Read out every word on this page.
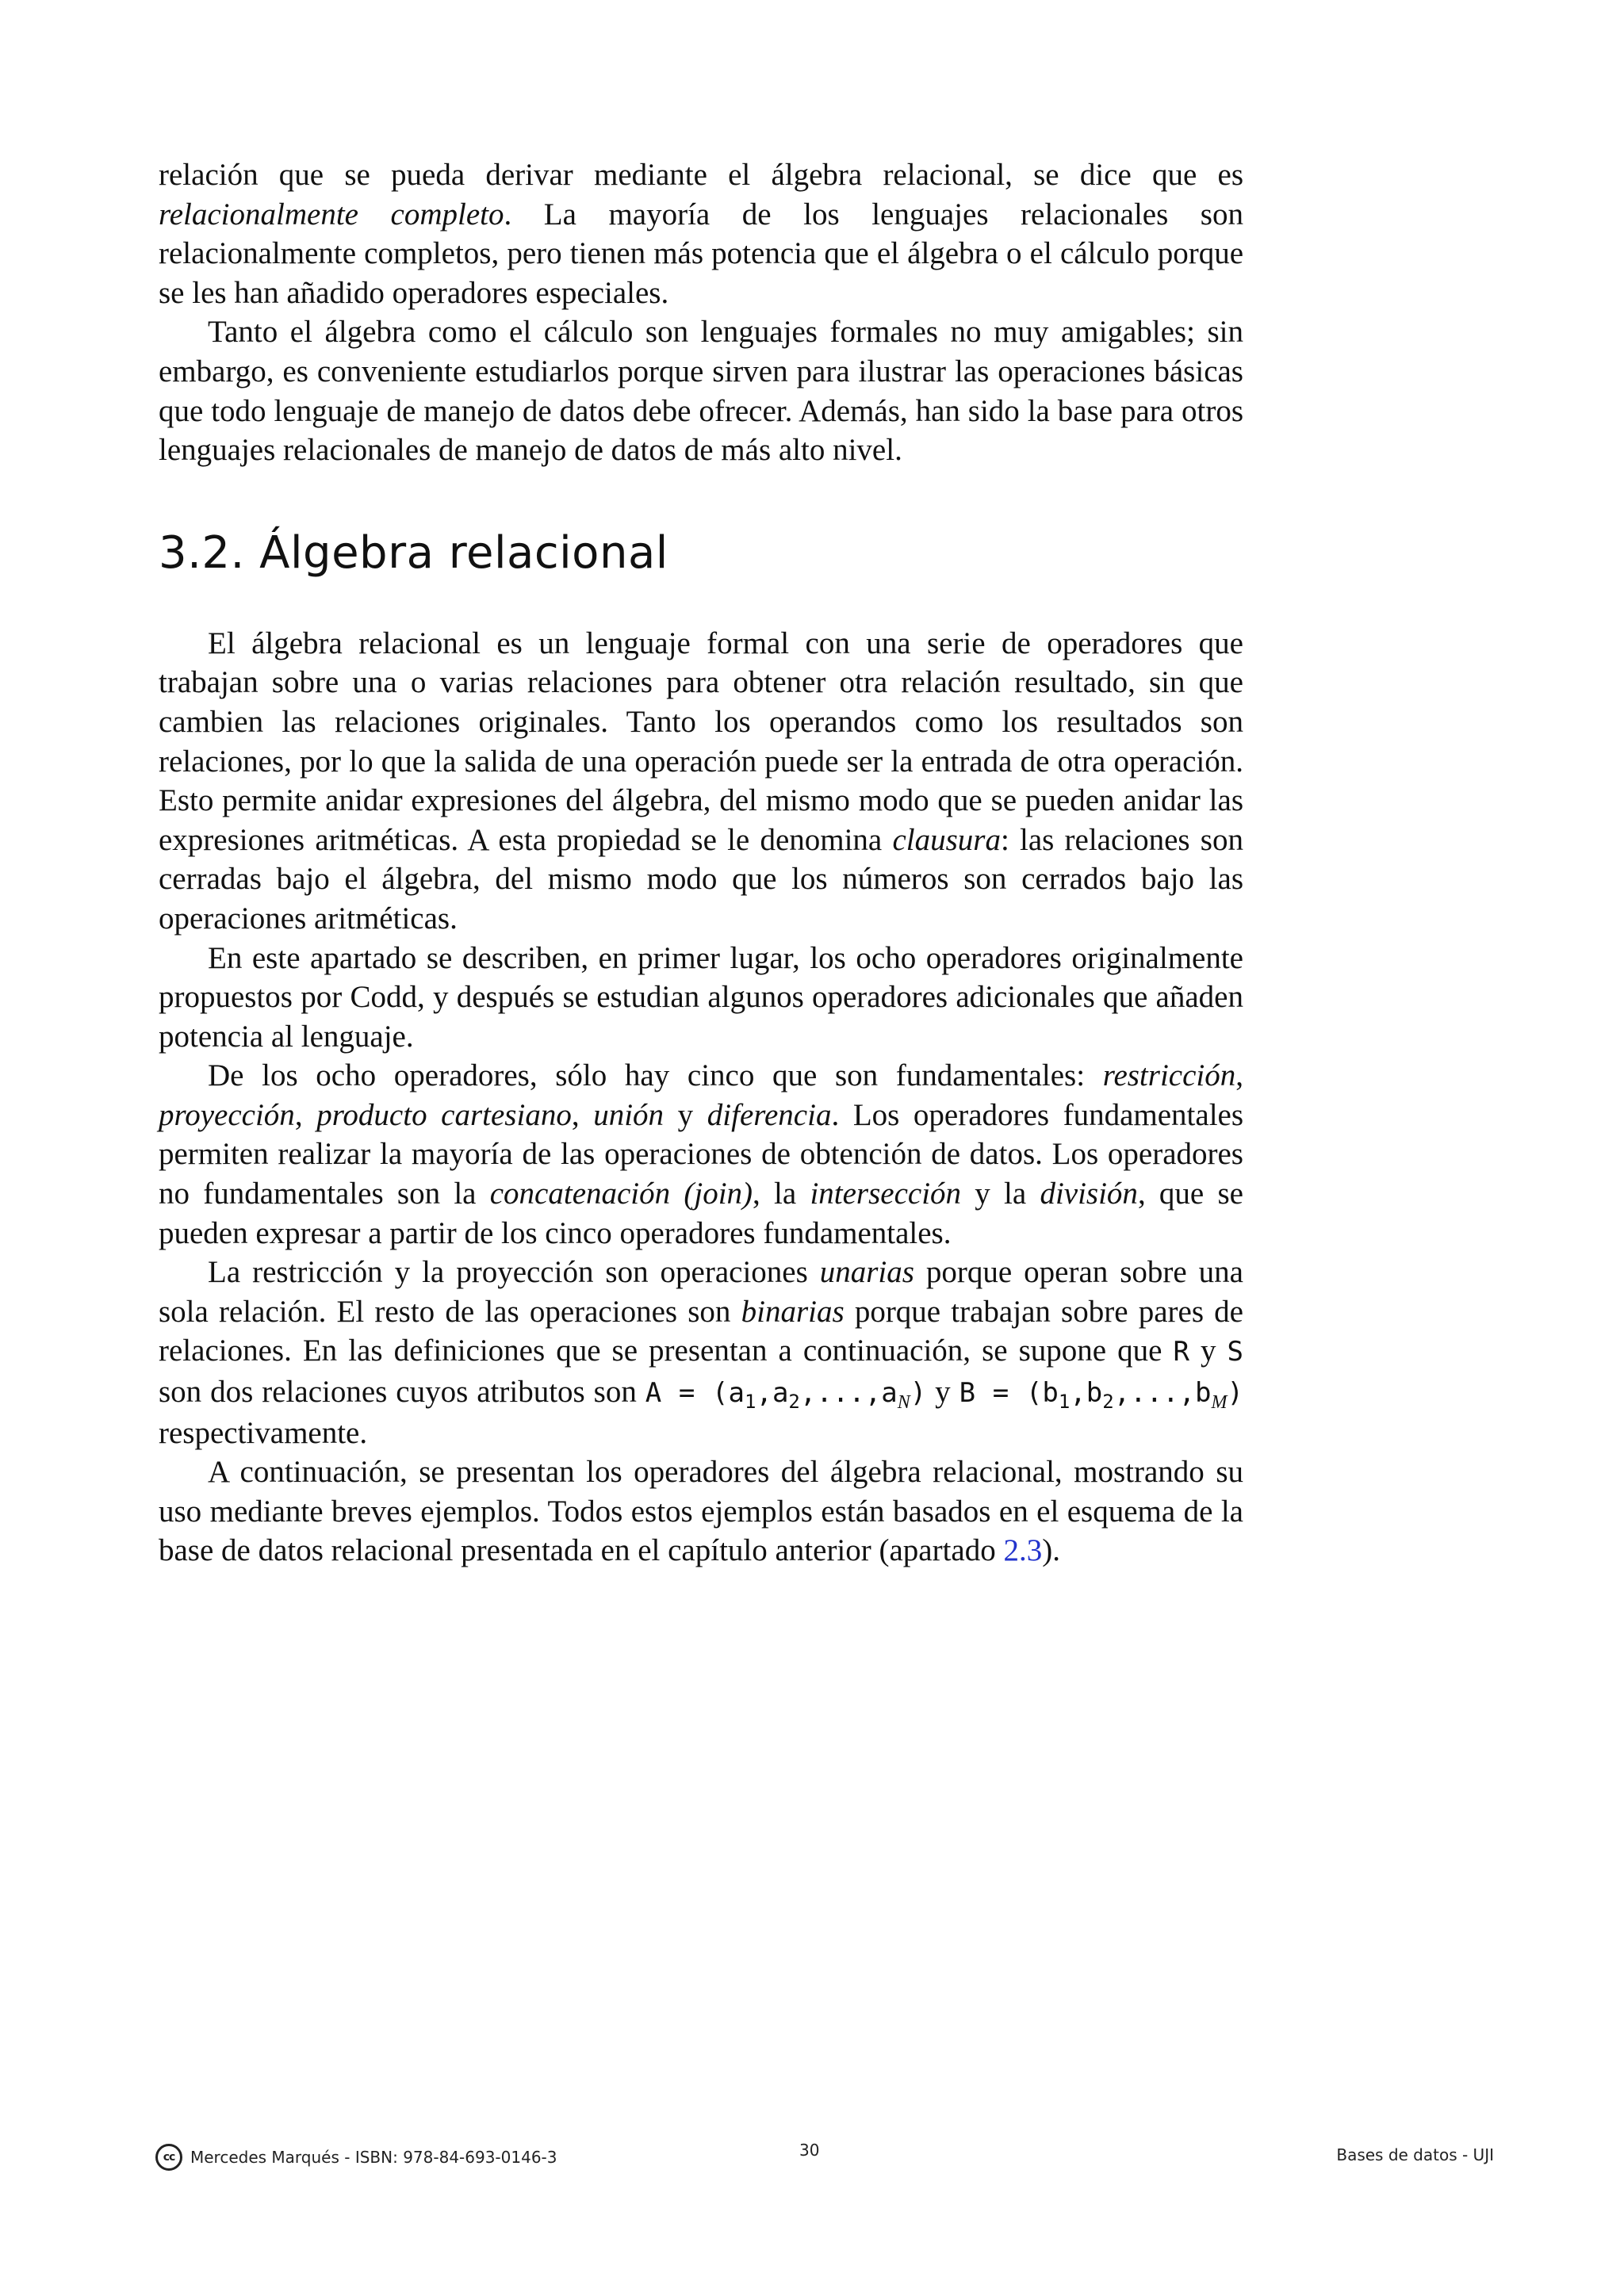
relación que se pueda derivar mediante el álgebra relacional, se dice que es relacionalmente completo. La mayoría de los lenguajes relacionales son relacionalmente completos, pero tienen más potencia que el álgebra o el cálculo porque se les han añadido operadores especiales.

Tanto el álgebra como el cálculo son lenguajes formales no muy amigables; sin embargo, es conveniente estudiarlos porque sirven para ilustrar las operaciones básicas que todo lenguaje de manejo de datos debe ofrecer. Además, han sido la base para otros lenguajes relacionales de manejo de datos de más alto nivel.

3.2. Álgebra relacional

El álgebra relacional es un lenguaje formal con una serie de operadores que trabajan sobre una o varias relaciones para obtener otra relación resultado, sin que cambien las relaciones originales. Tanto los operandos como los resultados son relaciones, por lo que la salida de una operación puede ser la entrada de otra operación. Esto permite anidar expresiones del álgebra, del mismo modo que se pueden anidar las expresiones aritméticas. A esta propiedad se le denomina clausura: las relaciones son cerradas bajo el álgebra, del mismo modo que los números son cerrados bajo las operaciones aritméticas.

En este apartado se describen, en primer lugar, los ocho operadores originalmente propuestos por Codd, y después se estudian algunos operadores adicionales que añaden potencia al lenguaje.

De los ocho operadores, sólo hay cinco que son fundamentales: restricción, proyección, producto cartesiano, unión y diferencia. Los operadores fundamentales permiten realizar la mayoría de las operaciones de obtención de datos. Los operadores no fundamentales son la concatenación (join), la intersección y la división, que se pueden expresar a partir de los cinco operadores fundamentales.

La restricción y la proyección son operaciones unarias porque operan sobre una sola relación. El resto de las operaciones son binarias porque trabajan sobre pares de relaciones. En las definiciones que se presentan a continuación, se supone que R y S son dos relaciones cuyos atributos son $A = (a_1,a_2,...,a_N)$ y $B = (b_1,b_2,...,b_M)$ respectivamente.

A continuación, se presentan los operadores del álgebra relacional, mostrando su uso mediante breves ejemplos. Todos estos ejemplos están basados en el esquema de la base de datos relacional presentada en el capítulo anterior (apartado 2.3).

cc Mercedes Marqués - ISBN: 978-84-693-0146-3	30	Bases de datos - UJI
